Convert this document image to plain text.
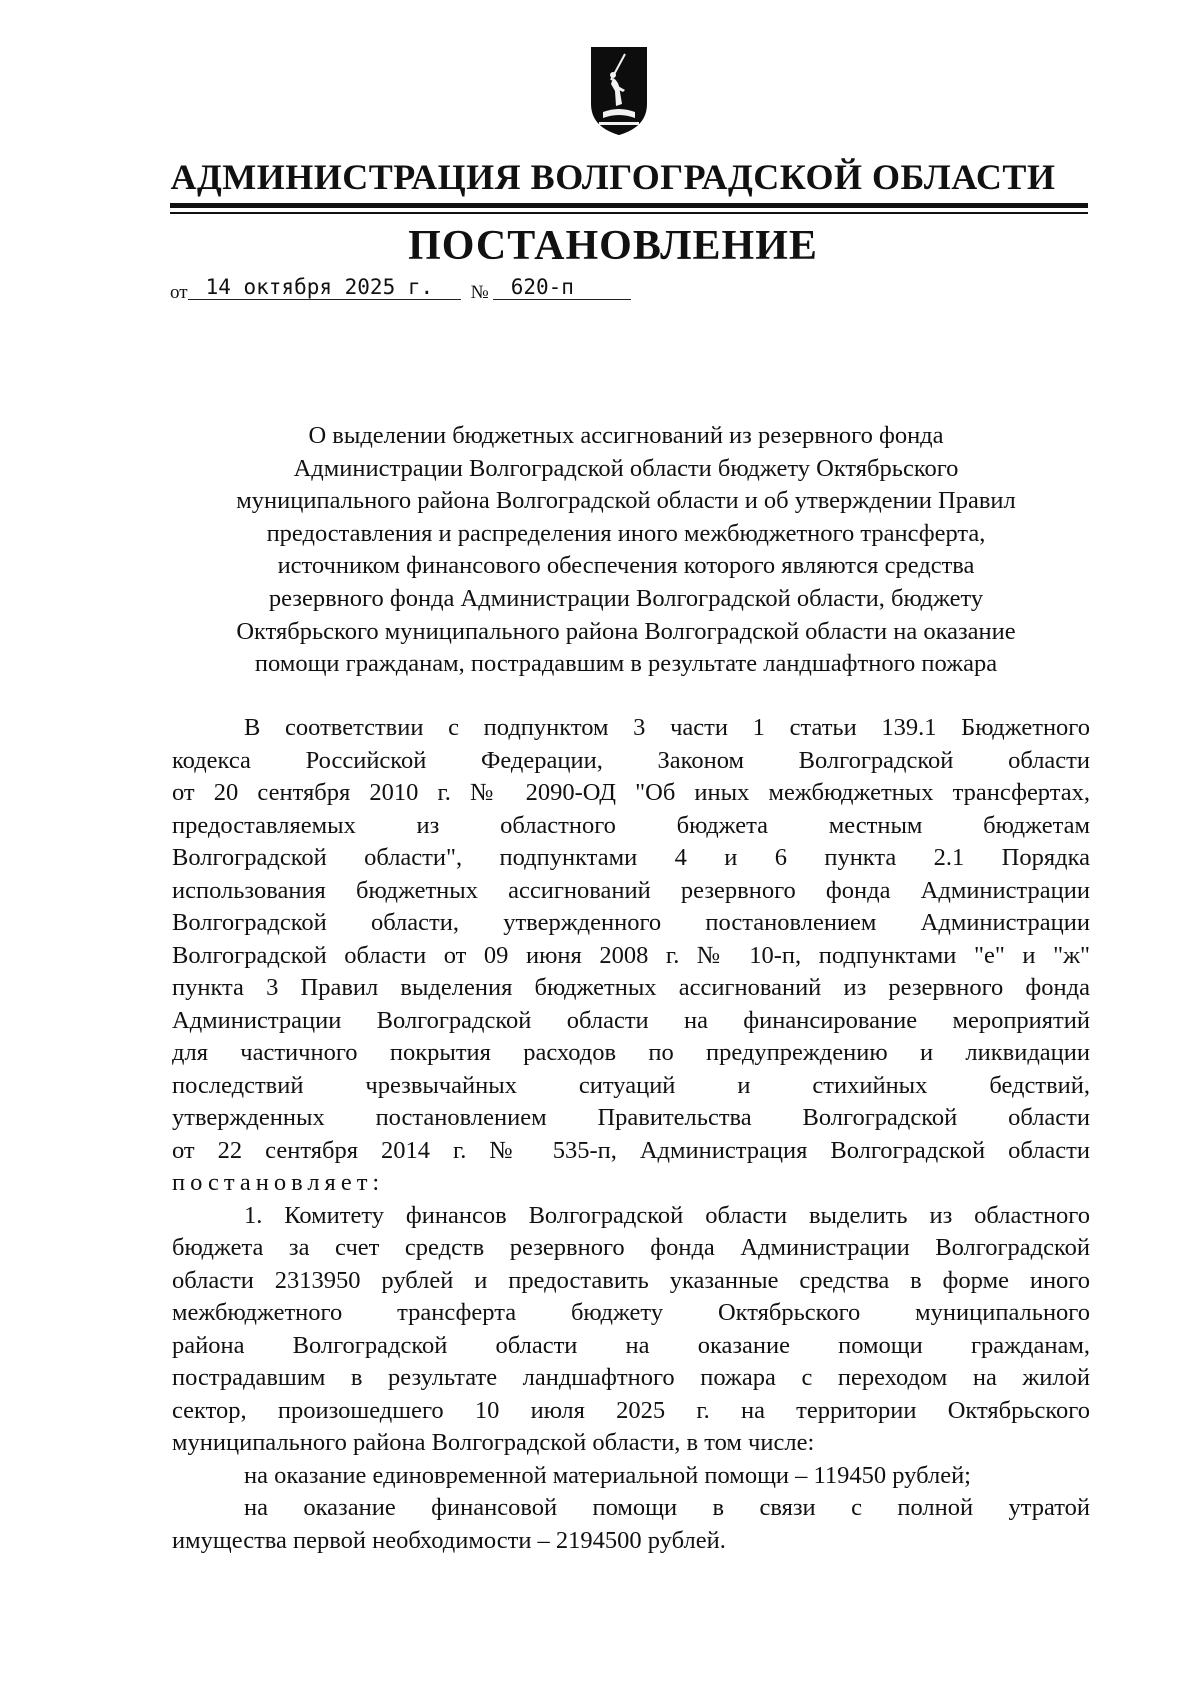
АДМИНИСТРАЦИЯ ВОЛГОГРАДСКОЙ ОБЛАСТИ
ПОСТАНОВЛЕНИЕ
от 14 октября 2025 г. № 620-п
О выделении бюджетных ассигнований из резервного фонда
Администрации Волгоградской области бюджету Октябрьского
муниципального района Волгоградской области и об утверждении Правил
предоставления и распределения иного межбюджетного трансферта,
источником финансового обеспечения которого являются средства
резервного фонда Администрации Волгоградской области, бюджету
Октябрьского муниципального района Волгоградской области на оказание
помощи гражданам, пострадавшим в результате ландшафтного пожара
В соответствии с подпунктом 3 части 1 статьи 139.1 Бюджетного
кодекса Российской Федерации, Законом Волгоградской области
от 20 сентября 2010 г. № 2090-ОД "Об иных межбюджетных трансфертах,
предоставляемых из областного бюджета местным бюджетам
Волгоградской области", подпунктами 4 и 6 пункта 2.1 Порядка
использования бюджетных ассигнований резервного фонда Администрации
Волгоградской области, утвержденного постановлением Администрации
Волгоградской области от 09 июня 2008 г. № 10-п, подпунктами "е" и "ж"
пункта 3 Правил выделения бюджетных ассигнований из резервного фонда
Администрации Волгоградской области на финансирование мероприятий
для частичного покрытия расходов по предупреждению и ликвидации
последствий чрезвычайных ситуаций и стихийных бедствий,
утвержденных постановлением Правительства Волгоградской области
от 22 сентября 2014 г. № 535-п, Администрация Волгоградской области
постановляет:
1. Комитету финансов Волгоградской области выделить из областного
бюджета за счет средств резервного фонда Администрации Волгоградской
области 2313950 рублей и предоставить указанные средства в форме иного
межбюджетного трансферта бюджету Октябрьского муниципального
района Волгоградской области на оказание помощи гражданам,
пострадавшим в результате ландшафтного пожара с переходом на жилой
сектор, произошедшего 10 июля 2025 г. на территории Октябрьского
муниципального района Волгоградской области, в том числе:
на оказание единовременной материальной помощи – 119450 рублей;
на оказание финансовой помощи в связи с полной утратой
имущества первой необходимости – 2194500 рублей.
